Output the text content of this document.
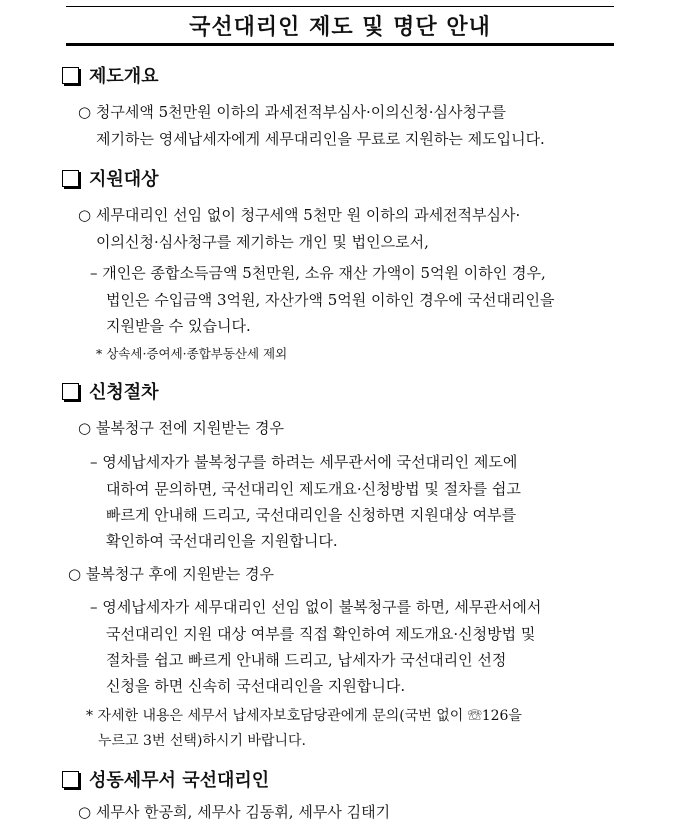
국선대리인 제도 및 명단 안내
제도개요
○ 청구세액 5천만원 이하의 과세전적부심사·이의신청·심사청구를
제기하는 영세납세자에게 세무대리인을 무료로 지원하는 제도입니다.
지원대상
○ 세무대리인 선임 없이 청구세액 5천만 원 이하의 과세전적부심사·
이의신청·심사청구를 제기하는 개인 및 법인으로서,
– 개인은 종합소득금액 5천만원, 소유 재산 가액이 5억원 이하인 경우,
법인은 수입금액 3억원, 자산가액 5억원 이하인 경우에 국선대리인을
지원받을 수 있습니다.
* 상속세·증여세·종합부동산세 제외
신청절차
○ 불복청구 전에 지원받는 경우
– 영세납세자가 불복청구를 하려는 세무관서에 국선대리인 제도에
대하여 문의하면, 국선대리인 제도개요·신청방법 및 절차를 쉽고
빠르게 안내해 드리고, 국선대리인을 신청하면 지원대상 여부를
확인하여 국선대리인을 지원합니다.
○ 불복청구 후에 지원받는 경우
– 영세납세자가 세무대리인 선임 없이 불복청구를 하면, 세무관서에서
국선대리인 지원 대상 여부를 직접 확인하여 제도개요·신청방법 및
절차를 쉽고 빠르게 안내해 드리고, 납세자가 국선대리인 선정
신청을 하면 신속히 국선대리인을 지원합니다.
* 자세한 내용은 세무서 납세자보호담당관에게 문의(국번 없이 ☏126을
누르고 3번 선택)하시기 바랍니다.
성동세무서 국선대리인
○ 세무사 한공희, 세무사 김동휘, 세무사 김태기
